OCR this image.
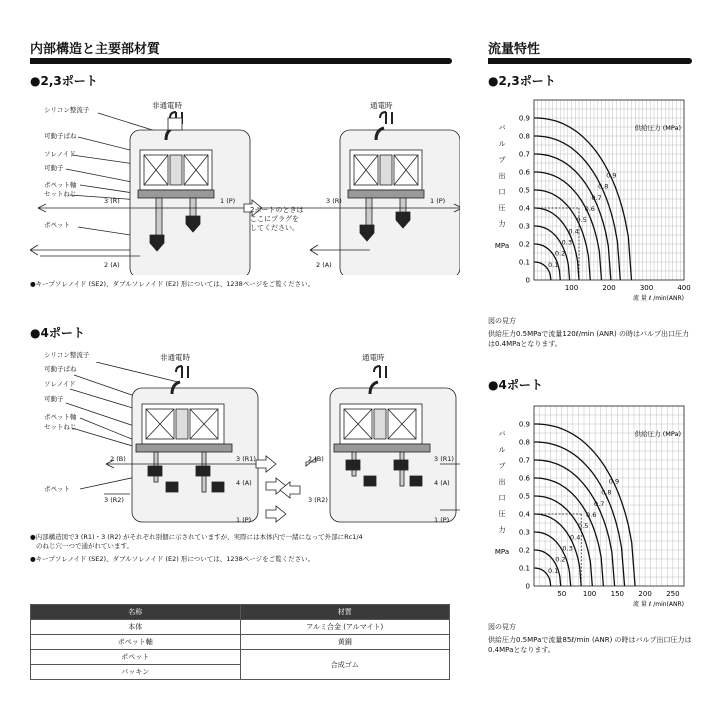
内部構造と主要部材質
●2,3ポート
非通電時	通電時
シリコン整流子
可動子ばね
ソレノイド
可動子
ポペット軸
セットねじ
ポペット
3 (R)	1 (P)
2 (A)
3 (R)	1 (P)
2 (A)
2ポートのときは
ここにプラグを
してください。
●キープソレノイド (SE2)、ダブルソレノイド (E2) 形については、1238ページをご覧ください。
●4ポート
非通電時	通電時
シリコン整流子
可動子ばね
ソレノイド
可動子
ポペット軸
セットねじ
ポペット
2 (B)	3 (R1)
3 (R2)
4 (A)
1 (P)
2 (B)	3 (R1)
3 (R2)
4 (A)
1 (P)
●内部構造図で3 (R1)・3 (R2) がそれぞれ別個に示されていますが、実際には本体内で一緒になって外部にRc1/4
のねじ穴一つで通がれています。
●キープソレノイド (SE2)、ダブルソレノイド (E2) 形については、1238ページをご覧ください。
名称	材質
本体	アルミ合金 (アルマイト)
ポペット軸	黄銅
ポペット	合成ゴム
パッキン	
流量特性
●2,3ポート
0
0.1
0.2
0.3
0.4
0.5
0.6
0.7
0.8
0.9
100	200	300	400
流 量 ℓ /min(ANR)
バ
ル
ブ
出
口
圧
力
MPa
0.1
0.2
0.3
0.4
0.5
0.6
0.7
0.8
0.9
供給圧力 (MPa)
図の見方
供給圧力0.5MPaで流量120ℓ/min (ANR) の時はバルブ出口圧力は0.4MPaとなります。
●4ポート
0
0.1
0.2
0.3
0.4
0.5
0.6
0.7
0.8
0.9
50 100 150 200 250
流 量 ℓ /min(ANR)
バ
ル
ブ
出
口
圧
力
MPa
0.1
0.2
0.3
0.4
0.5
0.6
0.7
0.8
0.9
供給圧力 (MPa)
図の見方
供給圧力0.5MPaで流量85ℓ/min (ANR) の時はバルブ出口圧力は0.4MPaとなります。
